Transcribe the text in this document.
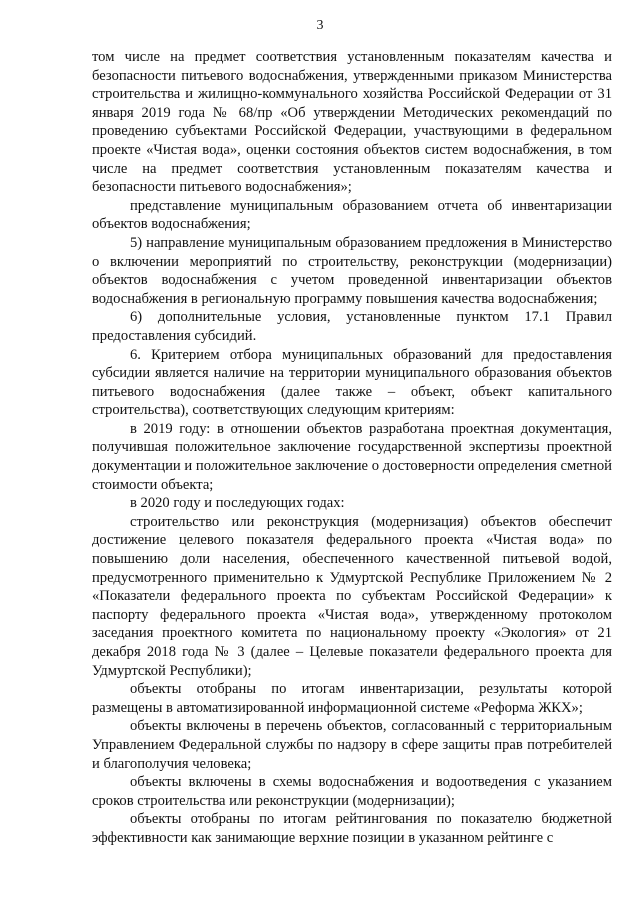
3

том числе на предмет соответствия установленным показателям качества и безопасности питьевого водоснабжения, утвержденными приказом Министерства строительства и жилищно-коммунального хозяйства Российской Федерации от 31 января 2019 года № 68/пр «Об утверждении Методических рекомендаций по проведению субъектами Российской Федерации, участвующими в федеральном проекте «Чистая вода», оценки состояния объектов систем водоснабжения, в том числе на предмет соответствия установленным показателям качества и безопасности питьевого водоснабжения»;

представление муниципальным образованием отчета об инвентаризации объектов водоснабжения;

5) направление муниципальным образованием предложения в Министерство о включении мероприятий по строительству, реконструкции (модернизации) объектов водоснабжения с учетом проведенной инвентаризации объектов водоснабжения в региональную программу повышения качества водоснабжения;

6) дополнительные условия, установленные пунктом 17.1 Правил предоставления субсидий.

6. Критерием отбора муниципальных образований для предоставления субсидии является наличие на территории муниципального образования объектов питьевого водоснабжения (далее также – объект, объект капитального строительства), соответствующих следующим критериям:

в 2019 году: в отношении объектов разработана проектная документация, получившая положительное заключение государственной экспертизы проектной документации и положительное заключение о достоверности определения сметной стоимости объекта;

в 2020 году и последующих годах:

строительство или реконструкция (модернизация) объектов обеспечит достижение целевого показателя федерального проекта «Чистая вода» по повышению доли населения, обеспеченного качественной питьевой водой, предусмотренного применительно к Удмуртской Республике Приложением № 2 «Показатели федерального проекта по субъектам Российской Федерации» к паспорту федерального проекта «Чистая вода», утвержденному протоколом заседания проектного комитета по национальному проекту «Экология» от 21 декабря 2018 года № 3 (далее – Целевые показатели федерального проекта для Удмуртской Республики);

объекты отобраны по итогам инвентаризации, результаты которой размещены в автоматизированной информационной системе «Реформа ЖКХ»;

объекты включены в перечень объектов, согласованный с территориальным Управлением Федеральной службы по надзору в сфере защиты прав потребителей и благополучия человека;

объекты включены в схемы водоснабжения и водоотведения с указанием сроков строительства или реконструкции (модернизации);

объекты отобраны по итогам рейтингования по показателю бюджетной эффективности как занимающие верхние позиции в указанном рейтинге с
